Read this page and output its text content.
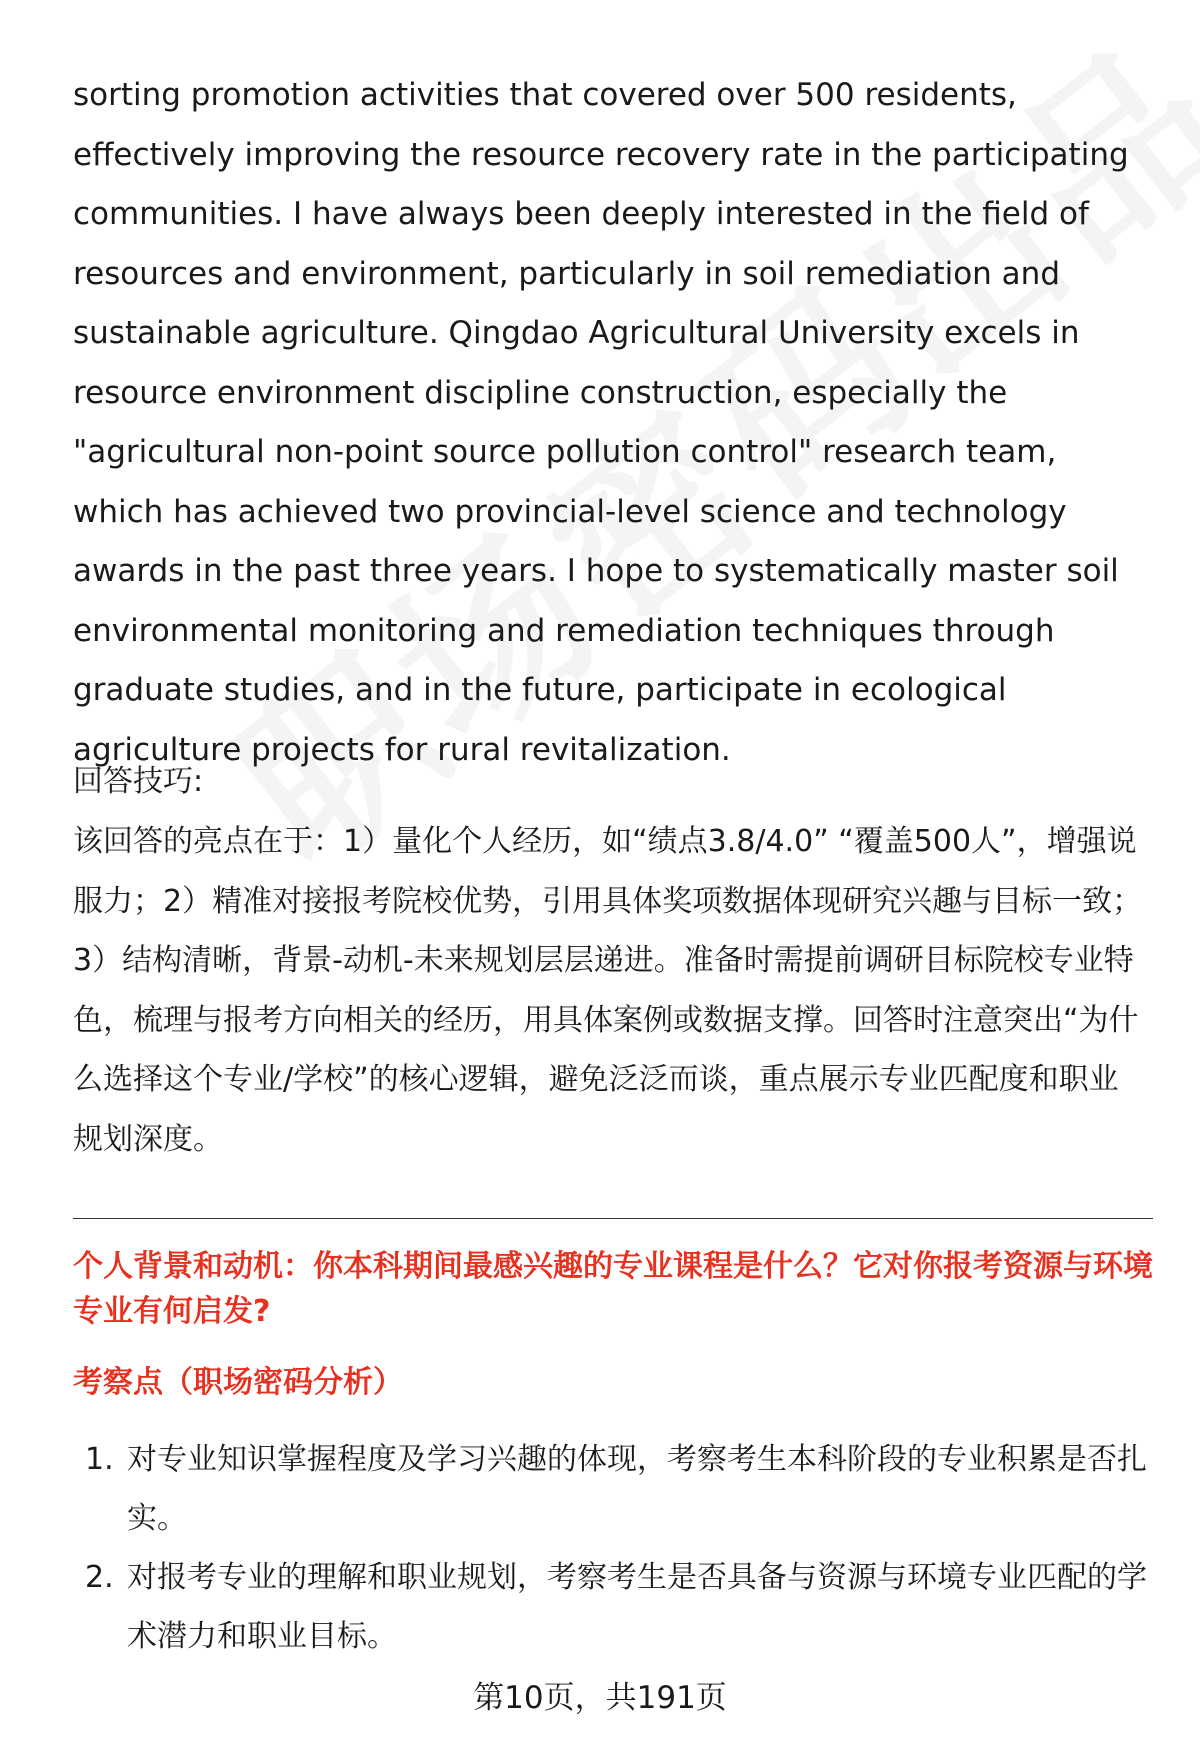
sorting promotion activities that covered over 500 residents, effectively improving the resource recovery rate in the participating communities. I have always been deeply interested in the field of resources and environment, particularly in soil remediation and sustainable agriculture. Qingdao Agricultural University excels in resource environment discipline construction, especially the "agricultural non-point source pollution control" research team, which has achieved two provincial-level science and technology awards in the past three years. I hope to systematically master soil environmental monitoring and remediation techniques through graduate studies, and in the future, participate in ecological agriculture projects for rural revitalization.

回答技巧:

该回答的亮点在于：1）量化个人经历，如“绩点3.8/4.0” “覆盖500人”，增强说服力；2）精准对接报考院校优势，引用具体奖项数据体现研究兴趣与目标一致；3）结构清晰，背景-动机-未来规划层层递进。准备时需提前调研目标院校专业特色，梳理与报考方向相关的经历，用具体案例或数据支撑。回答时注意突出“为什么选择这个专业/学校”的核心逻辑，避免泛泛而谈，重点展示专业匹配度和职业规划深度。

个人背景和动机：你本科期间最感兴趣的专业课程是什么？它对你报考资源与环境专业有何启发?
考察点（职场密码分析）
1. 对专业知识掌握程度及学习兴趣的体现，考察考生本科阶段的专业积累是否扎实。
2. 对报考专业的理解和职业规划，考察考生是否具备与资源与环境专业匹配的学术潜力和职业目标。
第10页，共191页
